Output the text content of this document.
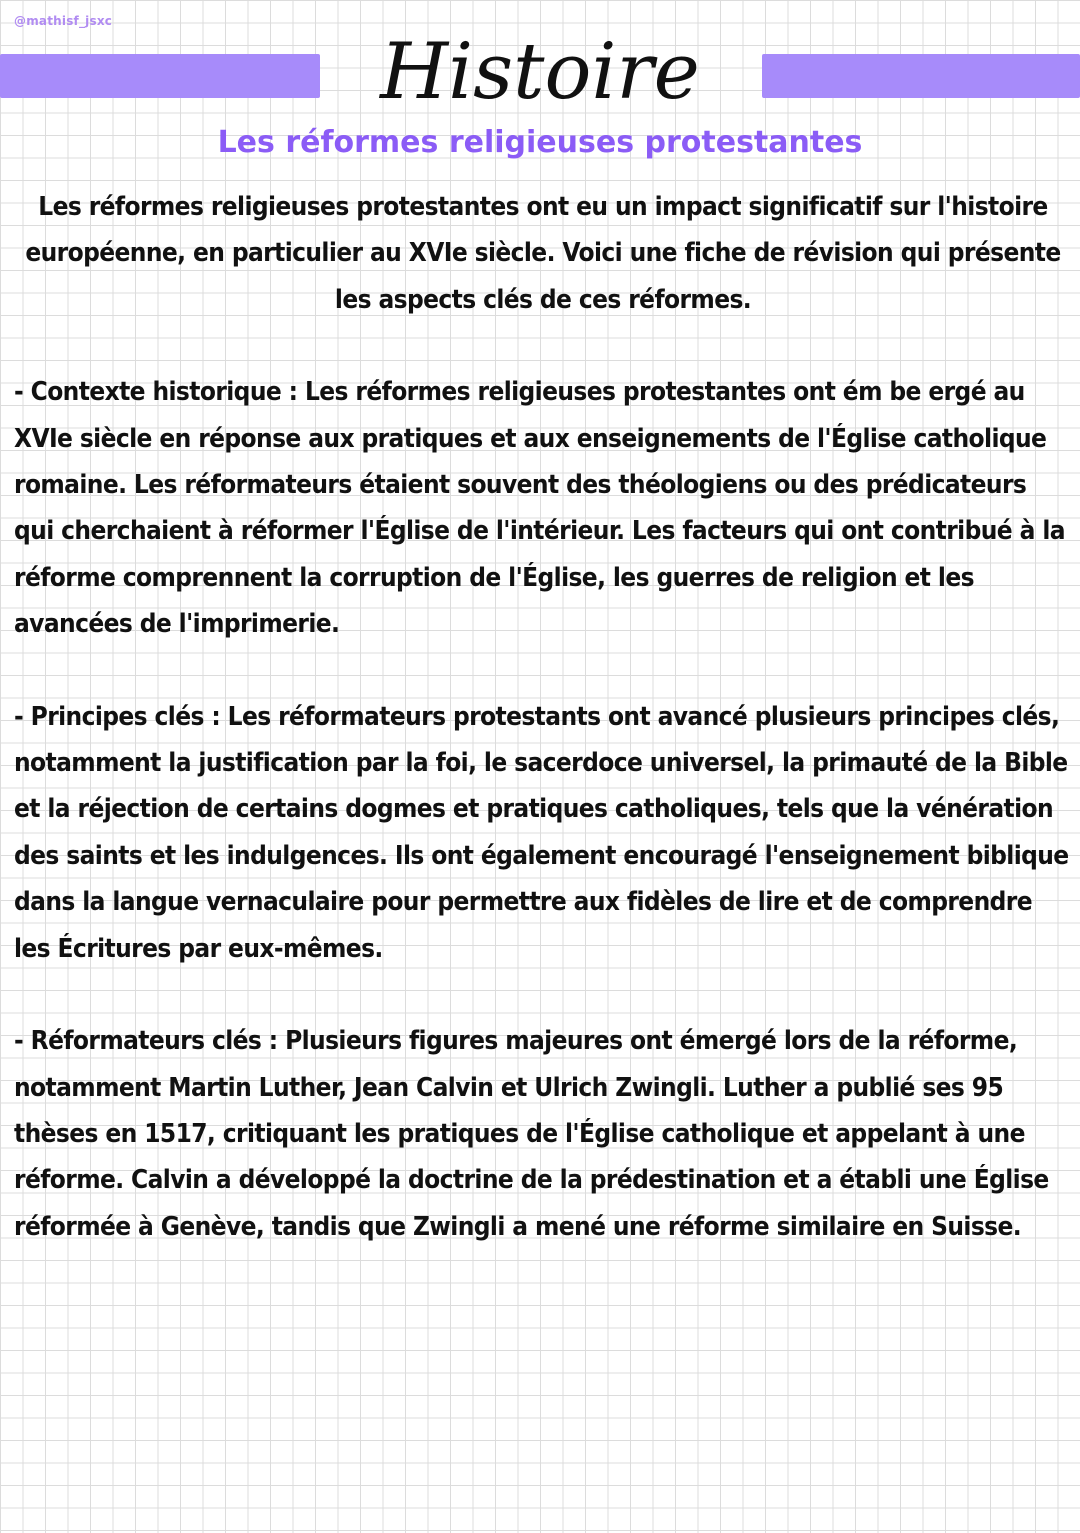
@mathisf_jsxc
Histoire
Les réformes religieuses protestantes

Les réformes religieuses protestantes ont eu un impact significatif sur l'histoire européenne, en particulier au XVIe siècle. Voici une fiche de révision qui présente les aspects clés de ces réformes.

- Contexte historique : Les réformes religieuses protestantes ont ém be ergé au XVIe siècle en réponse aux pratiques et aux enseignements de l'Église catholique romaine. Les réformateurs étaient souvent des théologiens ou des prédicateurs qui cherchaient à réformer l'Église de l'intérieur. Les facteurs qui ont contribué à la réforme comprennent la corruption de l'Église, les guerres de religion et les avancées de l'imprimerie.

- Principes clés : Les réformateurs protestants ont avancé plusieurs principes clés, notamment la justification par la foi, le sacerdoce universel, la primauté de la Bible et la réjection de certains dogmes et pratiques catholiques, tels que la vénération des saints et les indulgences. Ils ont également encouragé l'enseignement biblique dans la langue vernaculaire pour permettre aux fidèles de lire et de comprendre les Écritures par eux-mêmes.

- Réformateurs clés : Plusieurs figures majeures ont émergé lors de la réforme, notamment Martin Luther, Jean Calvin et Ulrich Zwingli. Luther a publié ses 95 thèses en 1517, critiquant les pratiques de l'Église catholique et appelant à une réforme. Calvin a développé la doctrine de la prédestination et a établi une Église réformée à Genève, tandis que Zwingli a mené une réforme similaire en Suisse.
